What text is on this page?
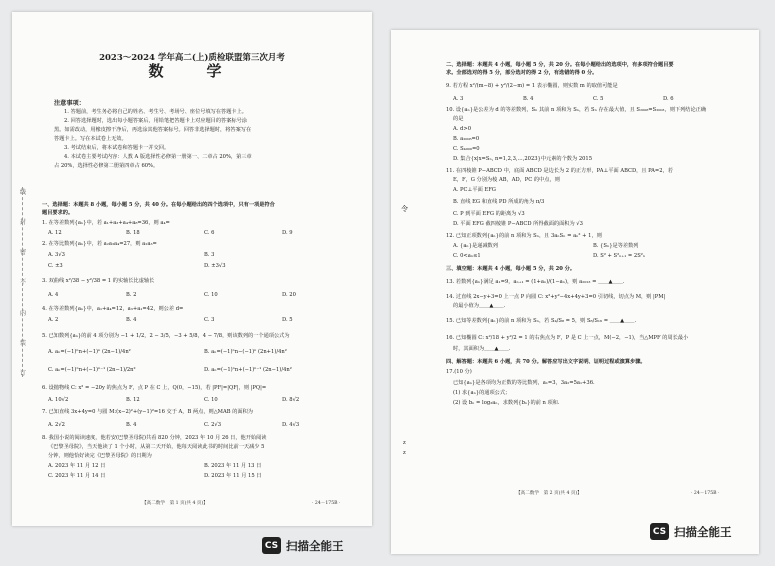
线
封
密
不
内
装
订
2023～2024 学年高二(上)质检联盟第三次月考
数　学
注意事项：
1. 答题前，考生务必将自己的姓名、考生号、考场号、座位号填写在答题卡上。
2. 回答选择题时，选出每小题答案后，用铅笔把答题卡上对应题目的答案标号涂
黑。如需改动，用橡皮擦干净后，再选涂其他答案标号。回答非选择题时，将答案写在
答题卡上。写在本试卷上无效。
3. 考试结束后，将本试卷和答题卡一并交回。
4. 本试卷主要考试内容：人教 A 版选择性必修第一册第一、二章占 20%，第三章
占 20%，选择性必修第二册第四章占 60%。
一、选择题：本题共 8 小题，每小题 5 分，共 40 分。在每小题给出的四个选项中，只有一项是符合
题目要求的。
1. 在等差数列{aₙ}中，若 a₁+a₃+a₄+a₈=36，则 a₄=
A. 12	B. 18	C. 6	D. 9
2. 在等比数列{aₙ}中，若 a₂a₃a₄=27，则 a₂a₃=
A. 3√3	B. 3
C. ±3	D. ±3√3
3. 双曲线 x²/38 − y²/38 = 1 的实轴长比虚轴长
A. 4	B. 2	C. 10	D. 20
4. 在等差数列{aₙ}中，a₁+a₄=12，a₃+a₁=42，则公差 d=
A. 2	B. 4	C. 3	D. 5
5. 已知数列{aₙ}的前 4 项分别为 −1 + 1/2，2 − 3/5，−3 + 5/8，4 − 7/8，则该数列的一个通项公式为
A. aₙ=(−1)ⁿn+(−1)ⁿ (2n−1)/4n²	B. aₙ=(−1)ⁿn−(−1)ⁿ (2n+1)/4n²
C. aₙ=(−1)ⁿn+(−1)ⁿ⁻¹ (2n−1)/2n²	D. aₙ=(−1)ⁿn+(−1)ⁿ⁻¹ (2n−1)/4n²
6. 设抛物线 C: x² = −20y 的焦点为 F，点 P 在 C 上，Q(0，−15)，若 |PF|=|QF|，则 |PQ|=
A. 10√2	B. 12	C. 10	D. 8√2
7. 已知直线 3x+4y=0 与圆 M:(x−2)²+(y−1)²=16 交于 A，B 两点，则△MAB 的面积为
A. 2√2	B. 4	C. 2√3	D. 4√3
8. 我国小说的阅读速度，他若安(巴黎圣母院)共看 820 分钟，2023 年 10 月 26 日，他开始阅读
《巴黎圣母院》，当天他读了 1 个小时，从第二天开始，他每天阅读此书的时间比前一天减少 5
分钟，则他恰好读完《巴黎圣母院》的日期为
A. 2023 年 11 月 12 日	B. 2023 年 11 月 13 日
C. 2023 年 11 月 14 日	D. 2023 年 11 月 15 日
【高二数学　第 1 页(共 4 页)】	· 24－175B ·
令
二、选择题：本题共 4 小题，每小题 5 分，共 20 分。在每小题给出的选项中，有多项符合题目要
求。全部选对的得 5 分，部分选对的得 2 分，有选错的得 0 分。
9. 若方程 x²/(m−8) + y²/(2−m) = 1 表示椭圆，则实数 m 的取值可能是
A. 3	B. 4	C. 5	D. 6
10. 设{aₙ}是公差为 d 的等差数列，Sₙ 其前 n 项和为 Sₙ，若 Sₙ 存在最大值，且 S₂₀₀₈=S₂₀₀₃，则下列结论正确
的是
A. d>0
B. a₂₀₀₆=0
C. S₄₀₀₀=0
D. 集合{x|x=Sₙ, n=1,2,3,…,2023}中元素的个数为 2015
11. 在四棱锥 P−ABCD 中，底面 ABCD 是边长为 2 的正方形，PA⊥平面 ABCD，且 PA=2，若
E，F，G 分别为棱 AB，AD，PC 的中点，则
A. PC⊥平面 EFG
B. 直线 EG 和直线 PD 所成的角为 π/3
C. P 到平面 EFG 的距离为 √3
D. 平面 EFG 截四棱锥 P−ABCD 所得截面的面积为 √3
12. 已知正项数列{aₙ}的前 n 项和为 Sₙ，且 3aₙSₙ = aₙ² + 1，则
A. {aₙ}是递减数列	B. {Sₙ}是等差数列
C. 0<aₙ≤1	D. S² + S²ₙ₊₁ = 2S²ₙ
三、填空题：本题共 4 小题，每小题 5 分，共 20 分。
13. 若数列{aₙ}满足 a₁=9，aₙ₊₁ = (1+aₙ)/(1−aₙ)，则 a₂₀₂₃ = ＿＿▲＿＿.
14. 过直线 2x−y+3=0 上一点 P 向圆 C: x²+y²−4x+4y+3=0 引切线，切点为 M，则 |PM|
的最小值为＿＿▲＿＿.
15. 已知等差数列{aₙ}的前 n 项和为 Sₙ，若 S₄/S₈ = 5，则 S₈/S₁₆ = ＿＿▲＿＿.
16. 已知椭圆 C: x²/18 + y²/2 = 1 的右焦点为 F，P 是 C 上一点，M(−2，−1)，当△MPF 的周长最小
时，其面积为＿＿▲＿＿.
四、解答题：本题共 6 小题，共 70 分。解答应写出文字说明、证明过程或演算步骤。
17.(10 分)
已知{aₙ}是各项均为正数的等比数列，a₁=3，3a₂=5a₁+36.
(1) 求{aₙ}的通项公式；
(2) 设 bₙ = log₃aₙ，求数列{bₙ}的前 n 项和.
z
z
【高二数学　第 2 页(共 4 页)】	· 24－175B ·
CS 扫描全能王
CS 扫描全能王
